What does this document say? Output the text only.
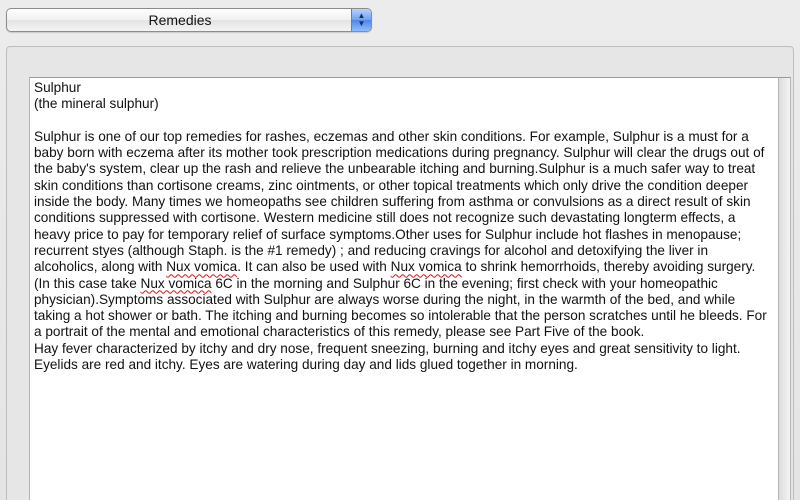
Remedies	▲
▼

Sulphur

(the mineral sulphur)

Sulphur is one of our top remedies for rashes, eczemas and other skin conditions. For example, Sulphur is a must for a baby born with eczema after its mother took prescription medications during pregnancy. Sulphur will clear the drugs out of the baby's system, clear up the rash and relieve the unbearable itching and burning.Sulphur is a much safer way to treat skin conditions than cortisone creams, zinc ointments, or other topical treatments which only drive the condition deeper inside the body. Many times we homeopaths see children suffering from asthma or convulsions as a direct result of skin conditions suppressed with cortisone. Western medicine still does not recognize such devastating longterm effects, a heavy price to pay for temporary relief of surface symptoms.Other uses for Sulphur include hot flashes in menopause; recurrent styes (although Staph. is the #1 remedy) ; and reducing cravings for alcohol and detoxifying the liver in alcoholics, along with Nux vomica. It can also be used with Nux vomica to shrink hemorrhoids, thereby avoiding surgery. (In this case take Nux vomica 6C in the morning and Sulphur 6C in the evening; first check with your homeopathic physician).Symptoms associated with Sulphur are always worse during the night, in the warmth of the bed, and while taking a hot shower or bath. The itching and burning becomes so intolerable that the person scratches until he bleeds. For a portrait of the mental and emotional characteristics of this remedy, please see Part Five of the book.

Hay fever characterized by itchy and dry nose, frequent sneezing, burning and itchy eyes and great sensitivity to light. Eyelids are red and itchy. Eyes are watering during day and lids glued together in morning.
